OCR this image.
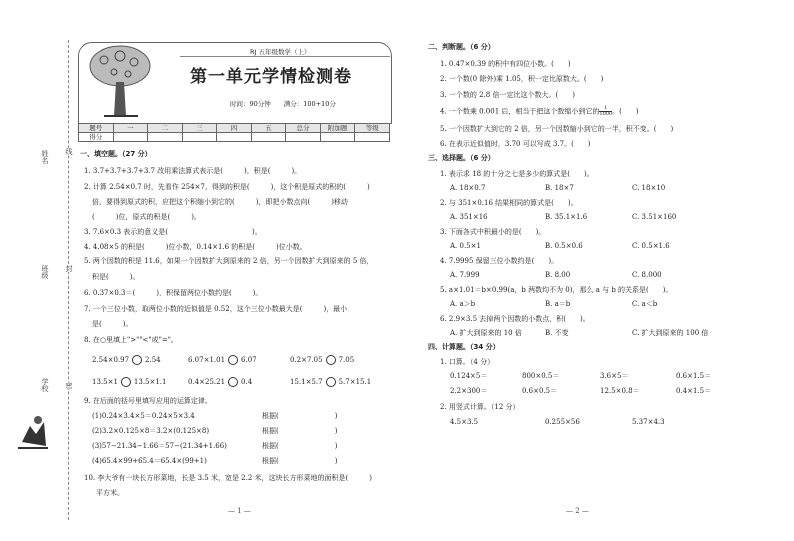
姓名 线
班级 封
学校 密
RJ 五年级数学（上）
第一单元学情检测卷
时间：90分钟　　满分：100+10分
题号	一	二	三	四	五	总分	附加题	等级
得分								
一、填空题。（27 分）
1. 3.7+3.7+3.7+3.7 改用乘法算式表示是(　　　)，积是(　　　)。
2. 计算 2.54×0.7 时，先看作 254×7，得到的积是(　　　)，这个积是原式的积的(　　　)
倍，要得到原式的积，应把这个积缩小到它的(　　　)，即把小数点向(　　　)移动
(　　　)位，原式的积是(　　　)。
3. 7.6×0.3 表示的意义是(　　　　　　　　　　　　)。
4. 4.08×5 的积是(　　　)位小数，0.14×1.6 的积是(　　　)位小数。
5. 两个因数的积是 11.6，如果一个因数扩大到原来的 2 倍，另一个因数扩大到原来的 5 倍，
积是(　　　)。
6. 0.37×0.3＝(　　　)，积保留两位小数约是(　　　)。
7. 一个三位小数，取两位小数的近似值是 0.52，这个三位小数最大是(　　　)，最小
是(　　　)。
8. 在○里填上">""<"或"="。
2.54×0.97 2.54	6.07×1.01 6.07	0.2×7.05 7.05
13.5×1 13.5×1.1	0.4×25.21 0.4	15.1×5.7 5.7×15.1
9. 在后面的括号里填写应用的运算定律。
(1)0.24×3.4×5＝0.24×5×3.4	根据(　　　　　　　　)
(2)3.2×0.125×8＝3.2×(0.125×8)	根据(　　　　　　　　)
(3)57−21.34−1.66＝57−(21.34+1.66)	根据(　　　　　　　　)
(4)65.4×99+65.4＝65.4×(99+1)	根据(　　　　　　　　)
10. 李大爷有一块长方形菜地，长是 3.5 米，宽是 2.2 米，这块长方形菜地的面积是(　　　)
平方米。
— 1 —
二、判断题。（6 分）
1. 0.47×0.39 的积中有四位小数。(　　)
2. 一个数(0 除外)乘 1.05，积一定比原数大。(　　)
3. 一个数的 2.8 倍一定比这个数大。(　　)
4. 一个数乘 0.001 后，相当于把这个数缩小到它的 $\frac{1}{1000}$。(　　)
5. 一个因数扩大到它的 2 倍，另一个因数缩小到它的一半，积不变。(　　)
6. 在表示近似值时，3.70 可以写成 3.7。(　　)
三、选择题。（6 分）
1. 表示求 18 的十分之七是多少的算式是(　　)。
A. 18×0.7	B. 18×7	C. 18×10
2. 与 351×0.16 结果相同的算式是(　　)。
A. 351×16	B. 35.1×1.6	C. 3.51×160
3. 下面各式中积最小的是(　　)。
A. 0.5×1	B. 0.5×0.6	C. 0.5×1.6
4. 7.9995 保留三位小数约是(　　)。
A. 7.999	B. 8.00	C. 8.000
5. a×1.01＝b×0.99(a，b 两数均不为 0)，那么 a 与 b 的关系是(　　)。
A. a＞b	B. a＝b	C. a＜b
6. 2.9×3.5 去掉两个因数的小数点，积(　　)。
A. 扩大到原来的 10 倍	B. 不变	C. 扩大到原来的 100 倍
四、计算题。（34 分）
1. 口算。（4 分）
0.124×5＝	800×0.5＝	3.6×5＝	0.6×1.5＝
2.2×300＝	0.6×0.5＝	12.5×0.8＝	0.4×1.5＝
2. 用竖式计算。（12 分）
4.5×3.5	0.255×56	5.37×4.3
— 2 —
